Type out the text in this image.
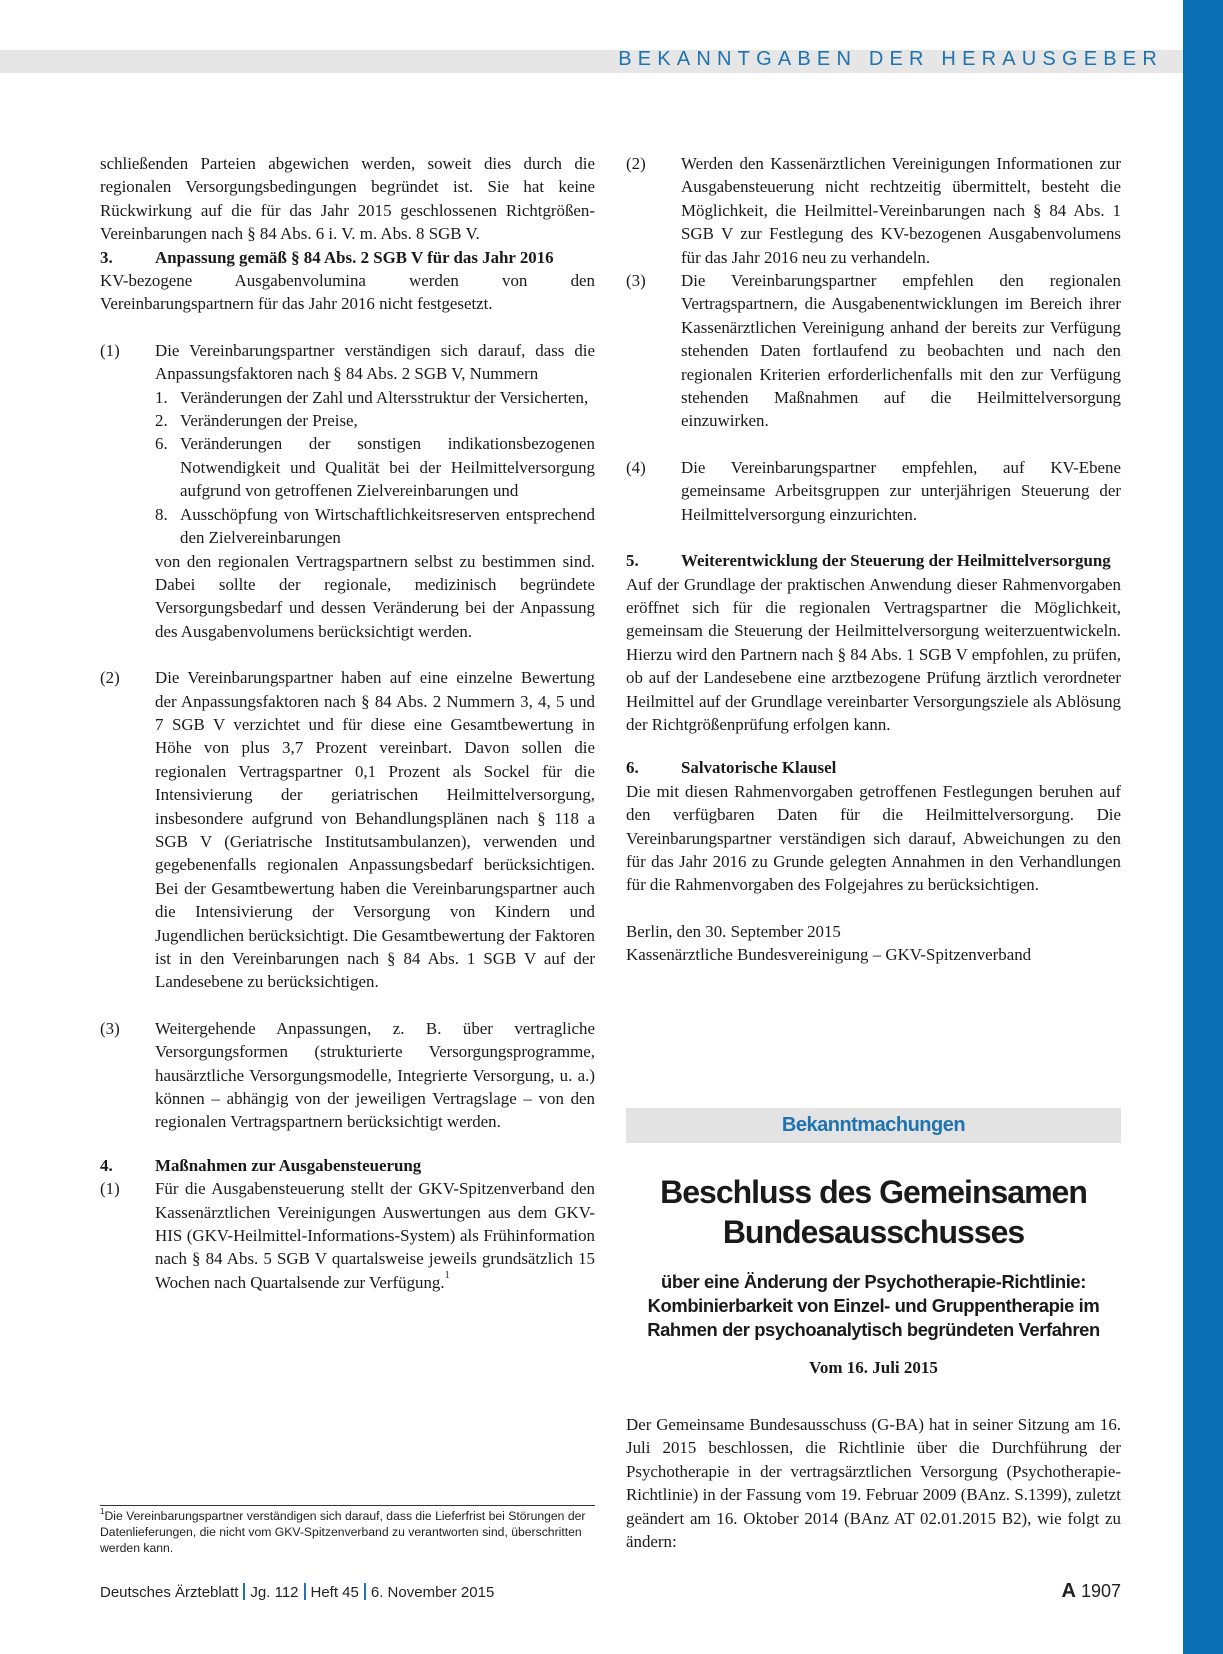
BEKANNTGABEN DER HERAUSGEBER

schließenden Parteien abgewichen werden, soweit dies durch die regionalen Versorgungsbedingungen begründet ist. Sie hat keine Rückwirkung auf die für das Jahr 2015 geschlossenen Richtgrößen-Vereinbarungen nach § 84 Abs. 6 i. V. m. Abs. 8 SGB V.

3.	Anpassung gemäß § 84 Abs. 2 SGB V für das Jahr 2016

KV-bezogene Ausgabenvolumina werden von den Vereinbarungspartnern für das Jahr 2016 nicht festgesetzt.

(1)	Die Vereinbarungspartner verständigen sich darauf, dass die Anpassungsfaktoren nach § 84 Abs. 2 SGB V, Nummern
1. Veränderungen der Zahl und Altersstruktur der Versicherten,
2. Veränderungen der Preise,
6. Veränderungen der sonstigen indikationsbezogenen Notwendigkeit und Qualität bei der Heilmittelversorgung aufgrund von getroffenen Zielvereinbarungen und
8. Ausschöpfung von Wirtschaftlichkeitsreserven entsprechend den Zielvereinbarungen
von den regionalen Vertragspartnern selbst zu bestimmen sind. Dabei sollte der regionale, medizinisch begründete Versorgungsbedarf und dessen Veränderung bei der Anpassung des Ausgabenvolumens berücksichtigt werden.
(2)	Die Vereinbarungspartner haben auf eine einzelne Bewertung der Anpassungsfaktoren nach § 84 Abs. 2 Nummern 3, 4, 5 und 7 SGB V verzichtet und für diese eine Gesamtbewertung in Höhe von plus 3,7 Prozent vereinbart. Davon sollen die regionalen Vertragspartner 0,1 Prozent als Sockel für die Intensivierung der geriatrischen Heilmittelversorgung, insbesondere aufgrund von Behandlungsplänen nach § 118 a SGB V (Geriatrische Institutsambulanzen), verwenden und gegebenenfalls regionalen Anpassungsbedarf berücksichtigen. Bei der Gesamtbewertung haben die Vereinbarungspartner auch die Intensivierung der Versorgung von Kindern und Jugendlichen berücksichtigt. Die Gesamtbewertung der Faktoren ist in den Vereinbarungen nach § 84 Abs. 1 SGB V auf der Landesebene zu berücksichtigen.
(3)	Weitergehende Anpassungen, z. B. über vertragliche Versorgungsformen (strukturierte Versorgungsprogramme, hausärztliche Versorgungsmodelle, Integrierte Versorgung, u. a.) können – abhängig von der jeweiligen Vertragslage – von den regionalen Vertragspartnern berücksichtigt werden.
4.	Maßnahmen zur Ausgabensteuerung
(1)	Für die Ausgabensteuerung stellt der GKV-Spitzenverband den Kassenärztlichen Vereinigungen Auswertungen aus dem GKV-HIS (GKV-Heilmittel-Informations-System) als Frühinformation nach § 84 Abs. 5 SGB V quartalsweise jeweils grundsätzlich 15 Wochen nach Quartalsende zur Verfügung.$^1$
$^1$Die Vereinbarungspartner verständigen sich darauf, dass die Lieferfrist bei Störungen der Datenlieferungen, die nicht vom GKV-Spitzenverband zu verantworten sind, überschritten werden kann.
(2)	Werden den Kassenärztlichen Vereinigungen Informationen zur Ausgabensteuerung nicht rechtzeitig übermittelt, besteht die Möglichkeit, die Heilmittel-Vereinbarungen nach § 84 Abs. 1 SGB V zur Festlegung des KV-bezogenen Ausgabenvolumens für das Jahr 2016 neu zu verhandeln.
(3)	Die Vereinbarungspartner empfehlen den regionalen Vertragspartnern, die Ausgabenentwicklungen im Bereich ihrer Kassenärztlichen Vereinigung anhand der bereits zur Verfügung stehenden Daten fortlaufend zu beobachten und nach den regionalen Kriterien erforderlichenfalls mit den zur Verfügung stehenden Maßnahmen auf die Heilmittelversorgung einzuwirken.
(4)	Die Vereinbarungspartner empfehlen, auf KV-Ebene gemeinsame Arbeitsgruppen zur unterjährigen Steuerung der Heilmittelversorgung einzurichten.
5.	Weiterentwicklung der Steuerung der Heilmittelversorgung

Auf der Grundlage der praktischen Anwendung dieser Rahmenvorgaben eröffnet sich für die regionalen Vertragspartner die Möglichkeit, gemeinsam die Steuerung der Heilmittelversorgung weiterzuentwickeln. Hierzu wird den Partnern nach § 84 Abs. 1 SGB V empfohlen, zu prüfen, ob auf der Landesebene eine arztbezogene Prüfung ärztlich verordneter Heilmittel auf der Grundlage vereinbarter Versorgungsziele als Ablösung der Richtgrößenprüfung erfolgen kann.

6.	Salvatorische Klausel

Die mit diesen Rahmenvorgaben getroffenen Festlegungen beruhen auf den verfügbaren Daten für die Heilmittelversorgung. Die Vereinbarungspartner verständigen sich darauf, Abweichungen zu den für das Jahr 2016 zu Grunde gelegten Annahmen in den Verhandlungen für die Rahmenvorgaben des Folgejahres zu berücksichtigen.

Berlin, den 30. September 2015

Kassenärztliche Bundesvereinigung – GKV-Spitzenverband

Bekanntmachungen

Beschluss des Gemeinsamen
Bundesausschusses

über eine Änderung der Psychotherapie-Richtlinie:
Kombinierbarkeit von Einzel- und Gruppentherapie im
Rahmen der psychoanalytisch begründeten Verfahren

Vom 16. Juli 2015

Der Gemeinsame Bundesausschuss (G-BA) hat in seiner Sitzung am 16. Juli 2015 beschlossen, die Richtlinie über die Durchführung der Psychotherapie in der vertragsärztlichen Versorgung (Psychotherapie-Richtlinie) in der Fassung vom 19. Februar 2009 (BAnz. S.1399), zuletzt geändert am 16. Oktober 2014 (BAnz AT 02.01.2015 B2), wie folgt zu ändern:

Deutsches Ärzteblatt Jg. 112 Heft 45 6. November 2015	A 1907
